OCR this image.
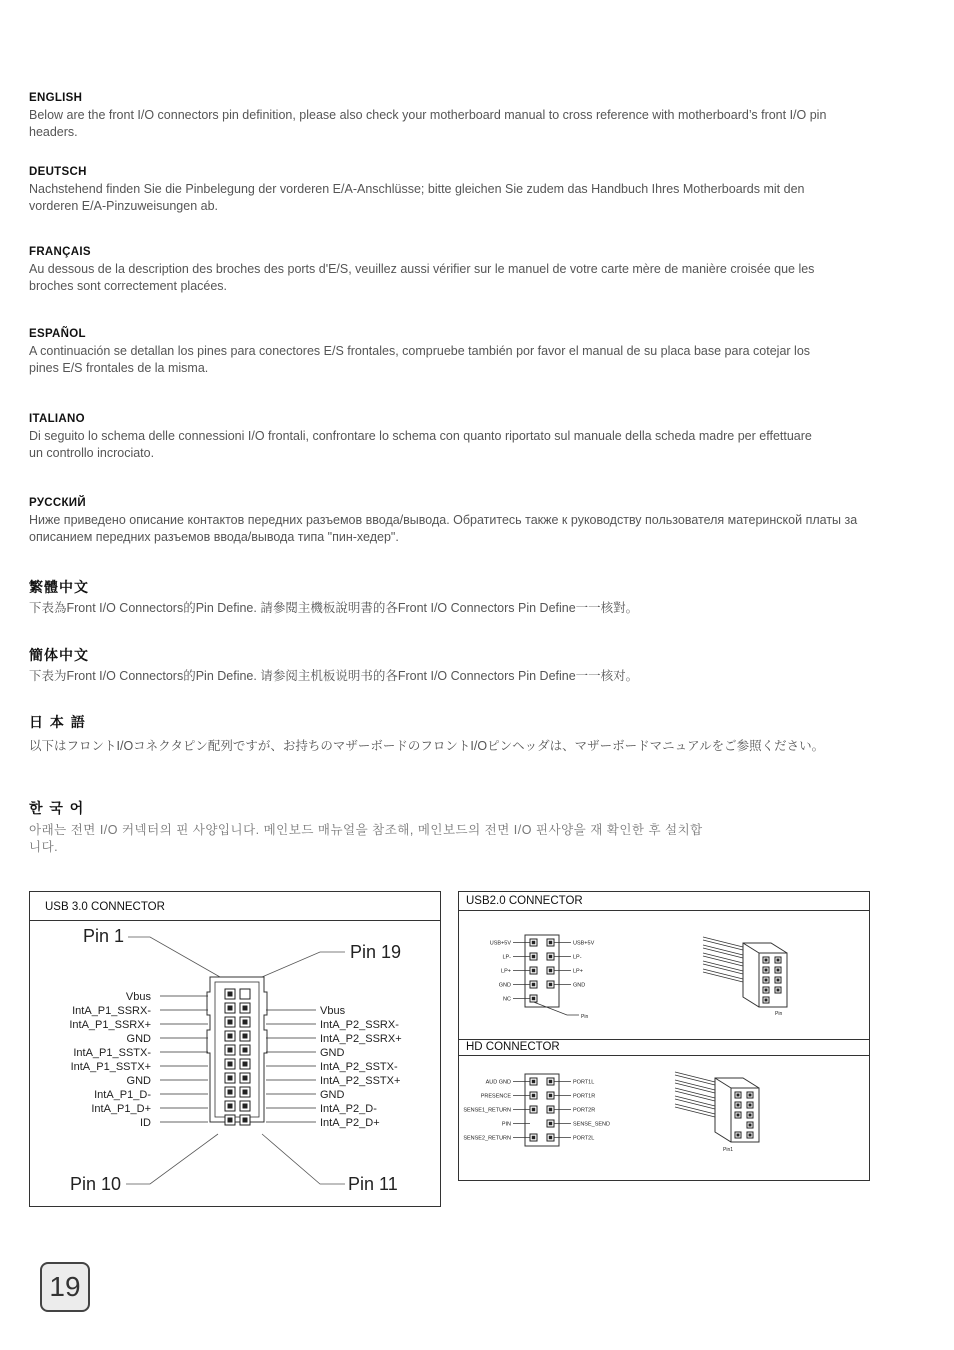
ENGLISH
Below are the front I/O connectors pin definition, please also check your motherboard manual to cross reference with motherboard’s front I/O pin headers.
DEUTSCH
Nachstehend finden Sie die Pinbelegung der vorderen E/A-Anschlüsse; bitte gleichen Sie zudem das Handbuch Ihres Motherboards mit den vorderen E/A-Pinzuweisungen ab.
FRANÇAIS
Au dessous de la description des broches des ports d'E/S, veuillez aussi vérifier sur le manuel de votre carte mère de manière croisée que les broches sont correctement placées.
ESPAÑOL
A continuación se detallan los pines para conectores E/S frontales, compruebe también por favor el manual de su placa base para cotejar los pines E/S frontales de la misma.
ITALIANO
Di seguito lo schema delle connessioni I/O frontali, confrontare lo schema con quanto riportato sul manuale della scheda madre per effettuare un controllo incrociato.
РУССКИЙ
Ниже приведено описание контактов передних разъемов ввода/вывода. Обратитесь также к руководству пользователя материнской платы за описанием передних разъемов ввода/вывода типа "пин-хедер".
繁體中文
下表為Front I/O Connectors的Pin Define. 請參閱主機板說明書的各Front I/O Connectors Pin Define一一核對。
簡体中文
下表为Front I/O Connectors的Pin Define. 请参阅主机板说明书的各Front I/O Connectors Pin Define一一核对。
日 本 語
以下はフロントI/Oコネクタピン配列ですが、お持ちのマザーボードのフロントI/Oピンヘッダは、マザーボードマニュアルをご参照ください。
한 국 어
아래는 전면 I/O 커넥터의 핀 사양입니다. 메인보드 매뉴얼을 참조해, 메인보드의 전면 I/O 핀사양을 재 확인한 후 설치합니다.
USB 3.0 CONNECTOR
Pin 1
Pin 19
Pin 10	Pin 11
Vbus
IntA_P1_SSRX-
IntA_P1_SSRX+
GND
IntA_P1_SSTX-
IntA_P1_SSTX+
GND
IntA_P1_D-
IntA_P1_D+
ID
Vbus
IntA_P2_SSRX-
IntA_P2_SSRX+
GND
IntA_P2_SSTX-
IntA_P2_SSTX+
GND
IntA_P2_D-
IntA_P2_D+
USB2.0 CONNECTOR
HD CONNECTOR
USB+5V	USB+5V
LP-	LP-
LP+	LP+
GND	GND
NC
Pin	Pin
AUD GND	PORT1L
PRESENCE	PORT1R
SENSE1_RETURN	PORT2R
PIN	SENSE_SEND
SENSE2_RETURN	PORT2L
Pin1
19
